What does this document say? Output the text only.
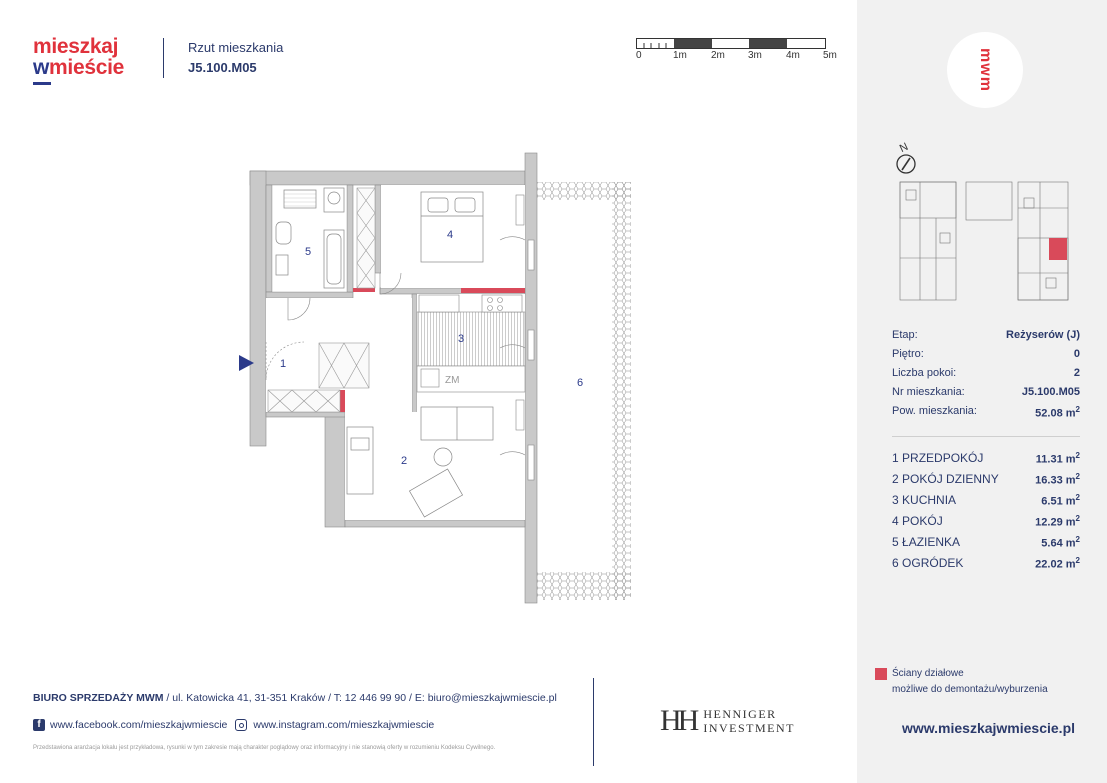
mieszkaj
wmieście
Rzut mieszkania
J5.100.M05
0	1m 2m 3m 4m 5m
ZM
1
2
3
4
5
6
BIURO SPRZEDAŻY MWM / ul. Katowicka 41, 31-351 Kraków / T: 12 446 99 90 / E: biuro@mieszkajwmiescie.pl
f www.facebook.com/mieszkajwmiescie www.instagram.com/mieszkajwmiescie
Przedstawiona aranżacja lokalu jest przykładowa, rysunki w tym zakresie mają charakter poglądowy oraz informacyjny i nie stanowią oferty w rozumieniu Kodeksu Cywilnego.
HH HENNIGER
INVESTMENT
mwm
N
Etap:	Reżyserów (J)
Piętro:	0
Liczba pokoi:	2
Nr mieszkania:	J5.100.M05
Pow. mieszkania:	52.08 $m^2$
1 PRZEDPOKÓJ	11.31 $m^2$
2 POKÓJ DZIENNY	16.33 $m^2$
3 KUCHNIA	6.51 $m^2$
4 POKÓJ	12.29 $m^2$
5 ŁAZIENKA	5.64 $m^2$
6 OGRÓDEK	22.02 $m^2$
Ściany działowe
możliwe do demontażu/wyburzenia
www.mieszkajwmiescie.pl
